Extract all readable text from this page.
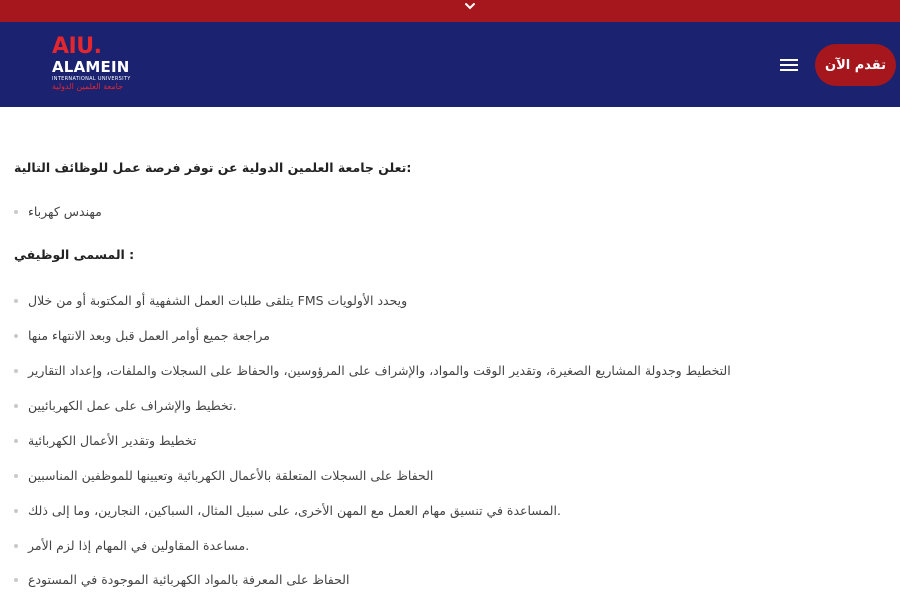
AIU.
ALAMEIN
INTERNATIONAL UNIVERSITY
جامعة العلمين الدولية
تقدم الآن
:تعلن جامعة العلمين الدولية عن توفر فرصة عمل للوظائف التالية
مهندس كهرباء
: المسمى الوظيفي
ويحدد الأولويات FMS يتلقى طلبات العمل الشفهية أو المكتوبة أو من خلال
مراجعة جميع أوامر العمل قبل وبعد الانتهاء منها
التخطيط وجدولة المشاريع الصغيرة، وتقدير الوقت والمواد، والإشراف على المرؤوسين، والحفاظ على السجلات والملفات، وإعداد التقارير
.تخطيط والإشراف على عمل الكهربائيين
تخطيط وتقدير الأعمال الكهربائية
الحفاظ على السجلات المتعلقة بالأعمال الكهربائية وتعيينها للموظفين المناسبين
.المساعدة في تنسيق مهام العمل مع المهن الأخرى، على سبيل المثال، السباكين، النجارين، وما إلى ذلك
.مساعدة المقاولين في المهام إذا لزم الأمر
الحفاظ على المعرفة بالمواد الكهربائية الموجودة في المستودع
